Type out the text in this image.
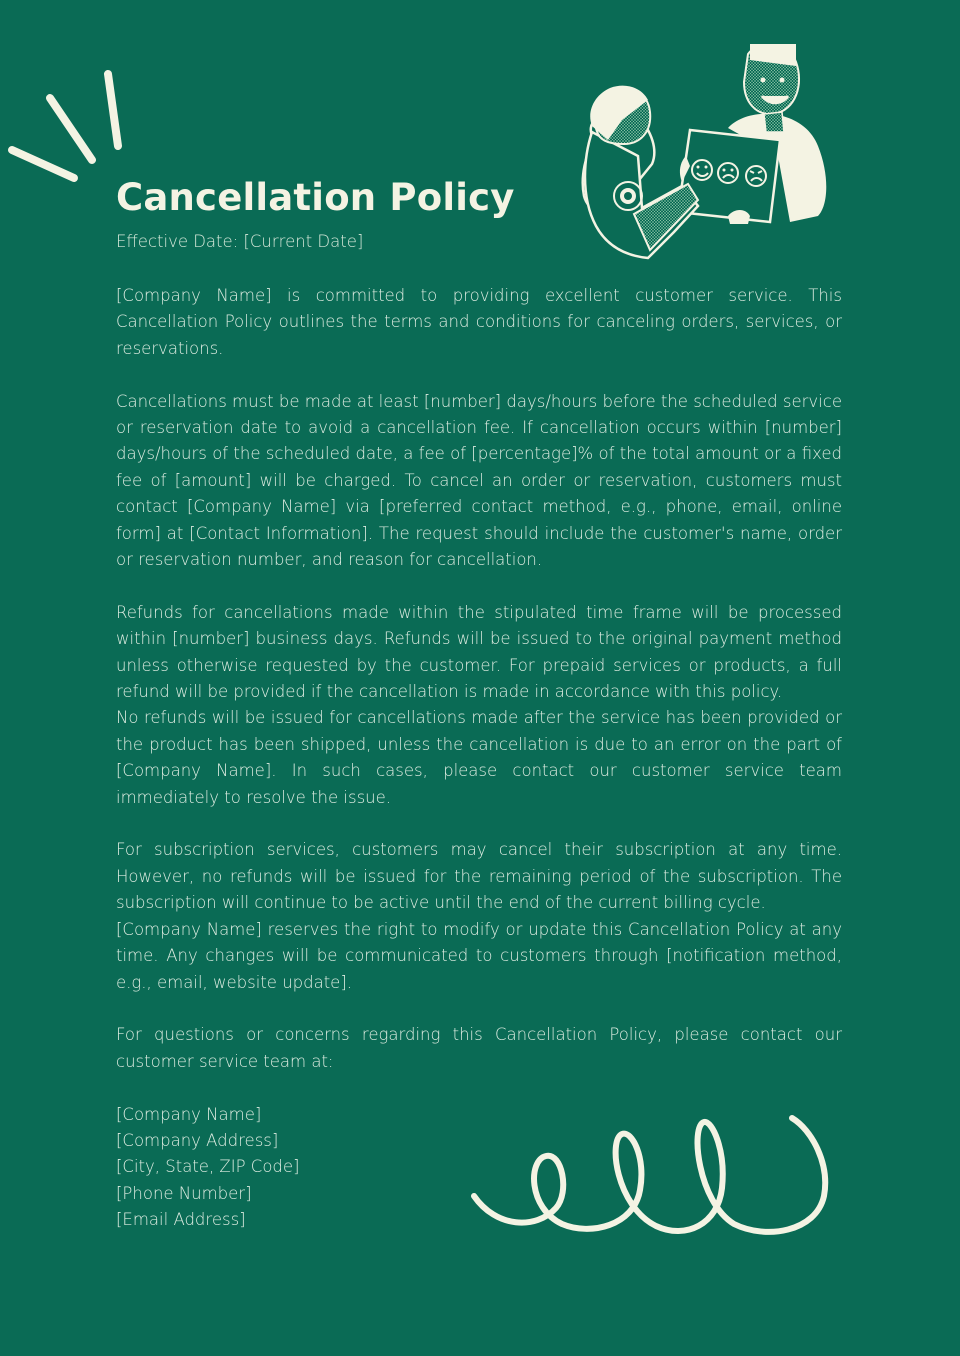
Cancellation Policy
Effective Date: [Current Date]

[Company Name] is committed to providing excellent customer service. This Cancellation Policy outlines the terms and conditions for canceling orders, services, or reservations.

Cancellations must be made at least [number] days/hours before the scheduled service or reservation date to avoid a cancellation fee. If cancellation occurs within [number] days/hours of the scheduled date, a fee of [percentage]% of the total amount or a fixed fee of [amount] will be charged. To cancel an order or reservation, customers must contact [Company Name] via [preferred contact method, e.g., phone, email, online form] at [Contact Information]. The request should include the customer's name, order or reservation number, and reason for cancellation.

Refunds for cancellations made within the stipulated time frame will be processed within [number] business days. Refunds will be issued to the original payment method unless otherwise requested by the customer. For prepaid services or products, a full refund will be provided if the cancellation is made in accordance with this policy.

No refunds will be issued for cancellations made after the service has been provided or the product has been shipped, unless the cancellation is due to an error on the part of [Company Name]. In such cases, please contact our customer service team immediately to resolve the issue.

For subscription services, customers may cancel their subscription at any time. However, no refunds will be issued for the remaining period of the subscription. The subscription will continue to be active until the end of the current billing cycle.

[Company Name] reserves the right to modify or update this Cancellation Policy at any time. Any changes will be communicated to customers through [notification method, e.g., email, website update].

For questions or concerns regarding this Cancellation Policy, please contact our customer service team at:

[Company Name]
[Company Address]
[City, State, ZIP Code]
[Phone Number]
[Email Address]
